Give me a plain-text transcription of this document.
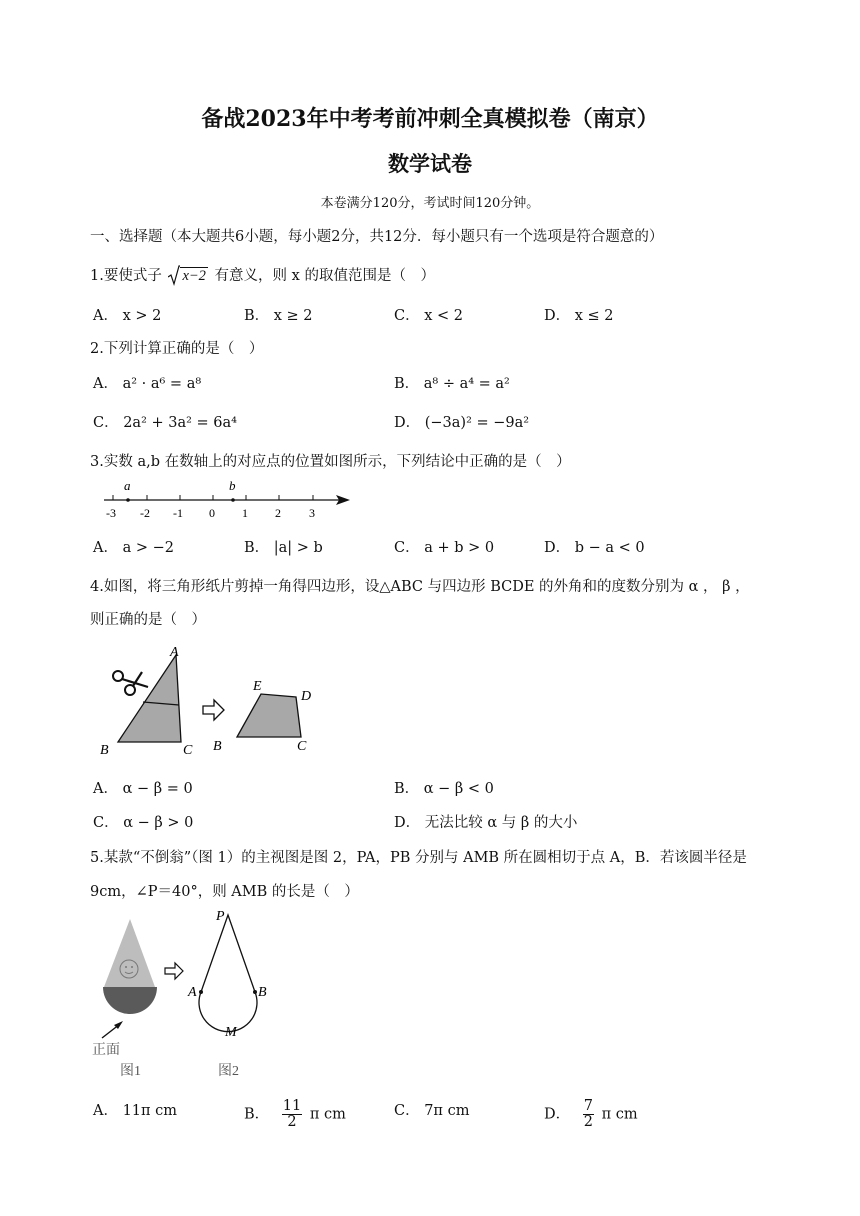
备战2023年中考考前冲刺全真模拟卷（南京）
数学试卷
本卷满分120分，考试时间120分钟。
一、选择题（本大题共6小题，每小题2分，共12分．每小题只有一个选项是符合题意的）
1.要使式子 x−2 有意义，则 x 的取值范围是（　）
A． x > 2	B． x ≥ 2	C． x < 2	D． x ≤ 2
2.下列计算正确的是（　）
A． a² · a⁶ = a⁸	B． a⁸ ÷ a⁴ = a²
C． 2a² + 3a² = 6a⁴	D． (−3a)² = −9a²
3.实数 a,b 在数轴上的对应点的位置如图所示，下列结论中正确的是（　）
a	b
-3 -2 -1 0 1 2 3
A． a > −2	B． |a| > b	C． a + b > 0	D． b − a < 0
4.如图，将三角形纸片剪掉一角得四边形，设△ABC 与四边形 BCDE 的外角和的度数分别为 α ， β ，
则正确的是（　）
A
B	C
E
D
B	C
A． α − β = 0	B． α − β < 0
C． α − β > 0	D． 无法比较 α 与 β 的大小
5.某款“不倒翁”（图 1）的主视图是图 2，PA，PB 分别与 AMB 所在圆相切于点 A，B．若该圆半径是
9cm，∠P＝40°，则 AMB 的长是（　）
正面
图1
P
A	B
M
图2
A． 11π cm	B． $\frac{11}{2}$ π cm	C． 7π cm	D． $\frac{7}{2}$ π cm
